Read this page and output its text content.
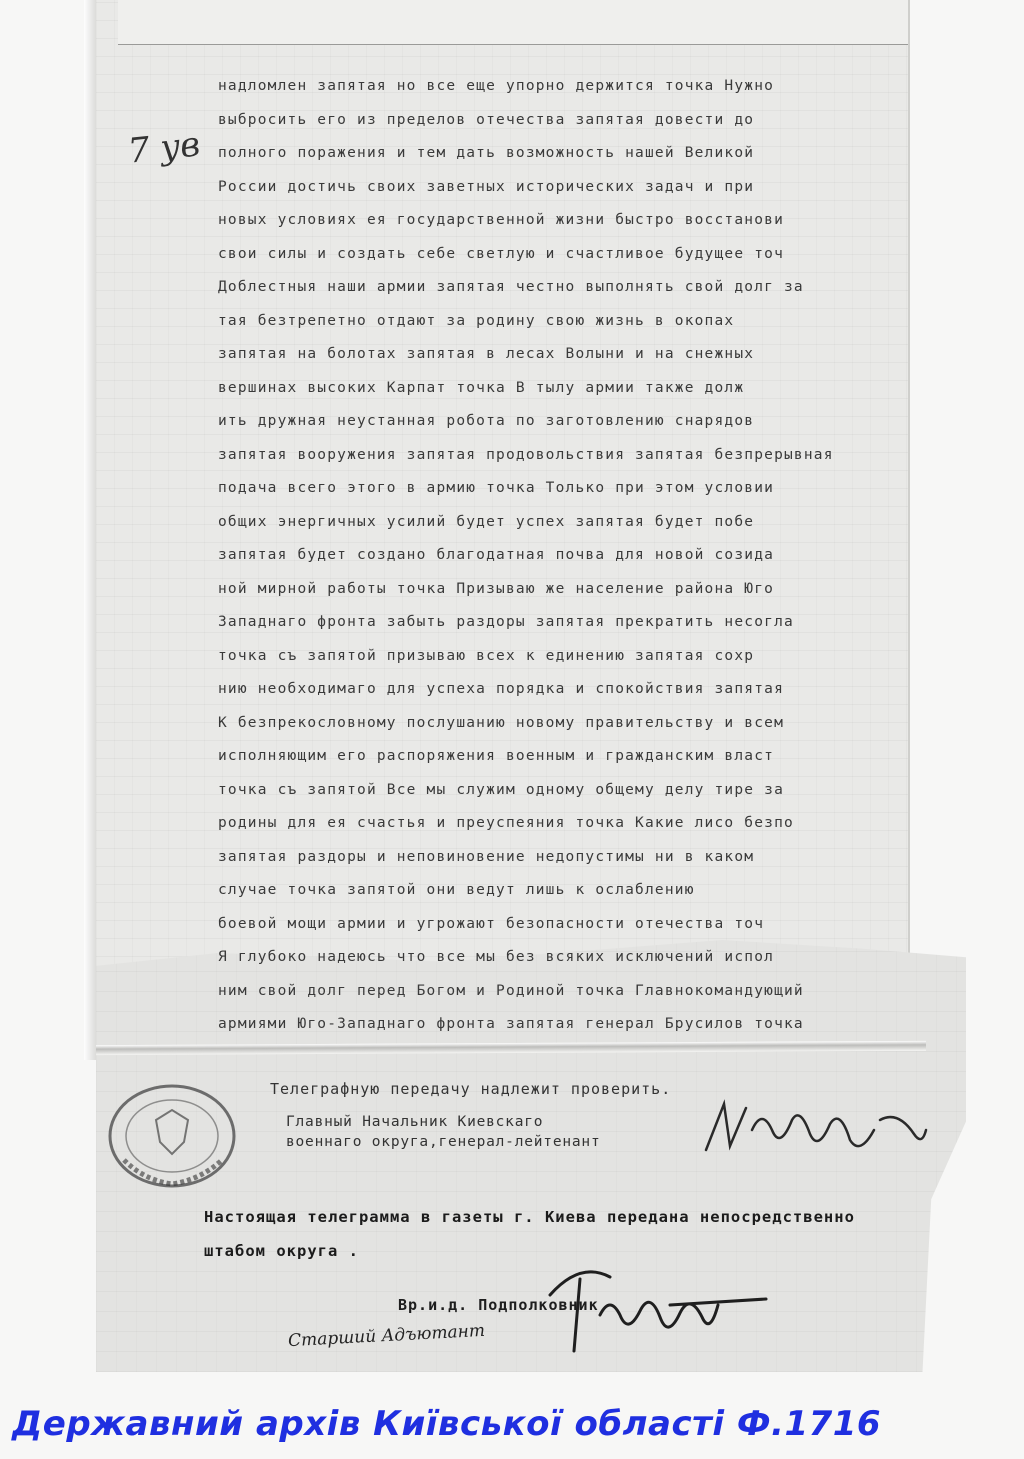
7 ув
надломлен запятая но все еще упорно держится точка Нужно
выбросить его из пределов отечества запятая довести до
полного поражения и тем дать возможность нашей Великой
России достичь своих заветных исторических задач и при
новых условиях ея государственной жизни быстро восстанови
свои силы и создать себе светлую и счастливое будущее точ
Доблестныя наши армии запятая честно выполнять свой долг за
тая безтрепетно отдают за родину свою жизнь в окопах
запятая на болотах запятая в лесах Волыни и на снежных
вершинах высоких Карпат точка В тылу армии также долж
ить дружная неустанная робота по заготовлению снарядов
запятая вооружения запятая продовольствия запятая безпрерывная
подача всего этого в армию точка Только при этом условии
общих энергичных усилий будет успех запятая будет побе
запятая будет создано благодатная почва для новой созида
ной мирной работы точка Призываю же население района Юго
Западнаго фронта забыть раздоры запятая прекратить несогла
точка съ запятой призываю всех к единению запятая сохр
нию необходимаго для успеха порядка и спокойствия запятая
К безпрекословному послушанию новому правительству и всем
исполняющим его распоряжения военным и гражданским власт
точка съ запятой Все мы служим одному общему делу тире за
родины для ея счастья и преуспеяния точка Какие лисо безпо
запятая раздоры и неповиновение недопустимы ни в каком
случае точка запятой они ведут лишь к ослаблению
боевой мощи армии и угрожают безопасности отечества точ
Я глубоко надеюсь что все мы без всяких исключений испол
ним свой долг перед Богом и Родиной точка Главнокомандующий
армиями Юго-Западнаго фронта запятая генерал Брусилов точка
Телеграфную передачу надлежит проверить.
Главный Начальник Киевскаго
военнаго округа,генерал-лейтенант
Настоящая телеграмма в газеты г. Киева передана непосредственно
штабом округа .
Вр.и.д. Подполковник
Старший Адъютант
Державний архів Київської області Ф.1716
